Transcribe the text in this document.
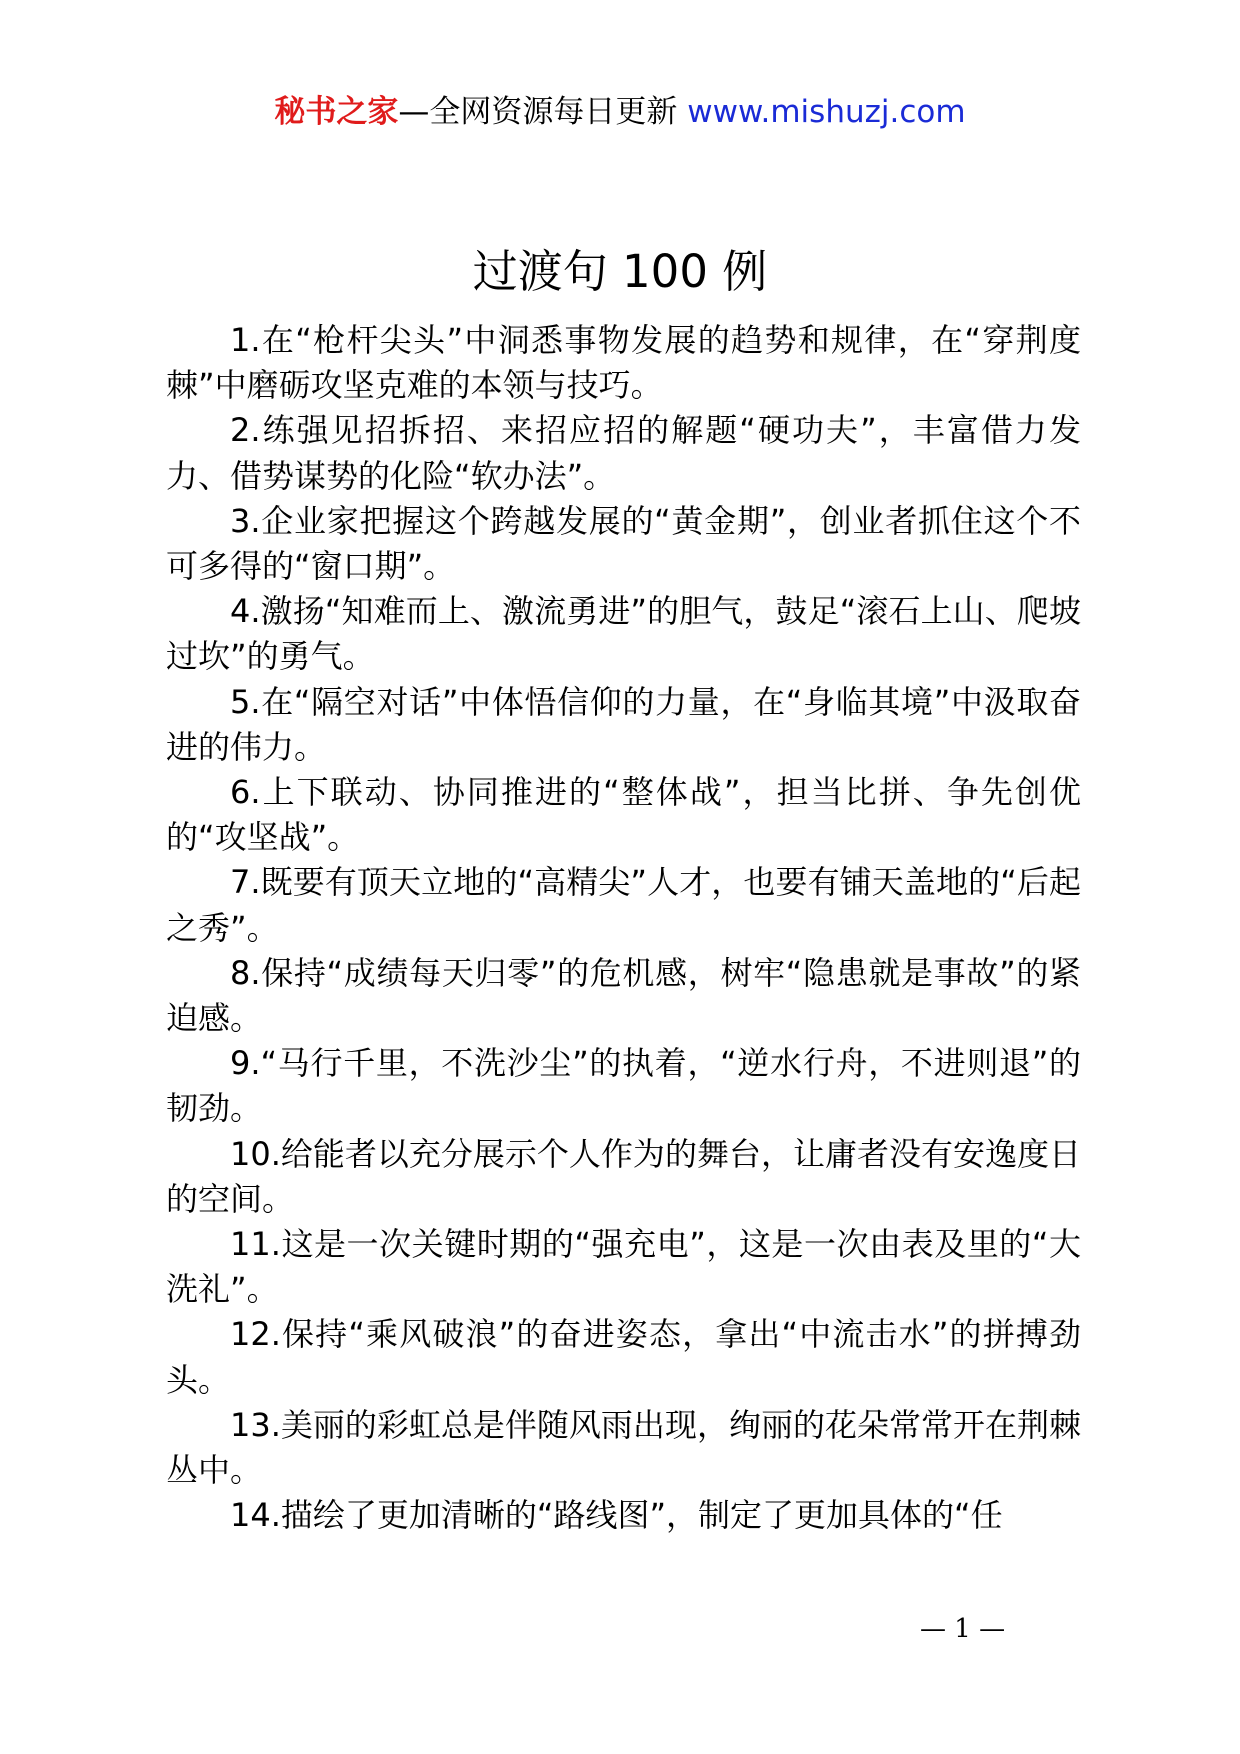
秘书之家—全网资源每日更新 www.mishuzj.com
过渡句 100 例

1.在“枪杆尖头”中洞悉事物发展的趋势和规律，在“穿荆度棘”中磨砺攻坚克难的本领与技巧。

2.练强见招拆招、来招应招的解题“硬功夫”，丰富借力发力、借势谋势的化险“软办法”。

3.企业家把握这个跨越发展的“黄金期”，创业者抓住这个不可多得的“窗口期”。

4.激扬“知难而上、激流勇进”的胆气，鼓足“滚石上山、爬坡过坎”的勇气。

5.在“隔空对话”中体悟信仰的力量，在“身临其境”中汲取奋进的伟力。

6.上下联动、协同推进的“整体战”，担当比拼、争先创优的“攻坚战”。

7.既要有顶天立地的“高精尖”人才，也要有铺天盖地的“后起之秀”。

8.保持“成绩每天归零”的危机感，树牢“隐患就是事故”的紧迫感。

9.“马行千里，不洗沙尘”的执着，“逆水行舟，不进则退”的韧劲。

10.给能者以充分展示个人作为的舞台，让庸者没有安逸度日的空间。

11.这是一次关键时期的“强充电”，这是一次由表及里的“大洗礼”。

12.保持“乘风破浪”的奋进姿态，拿出“中流击水”的拼搏劲头。

13.美丽的彩虹总是伴随风雨出现，绚丽的花朵常常开在荆棘丛中。

14.描绘了更加清晰的“路线图”，制定了更加具体的“任

— 1 —
